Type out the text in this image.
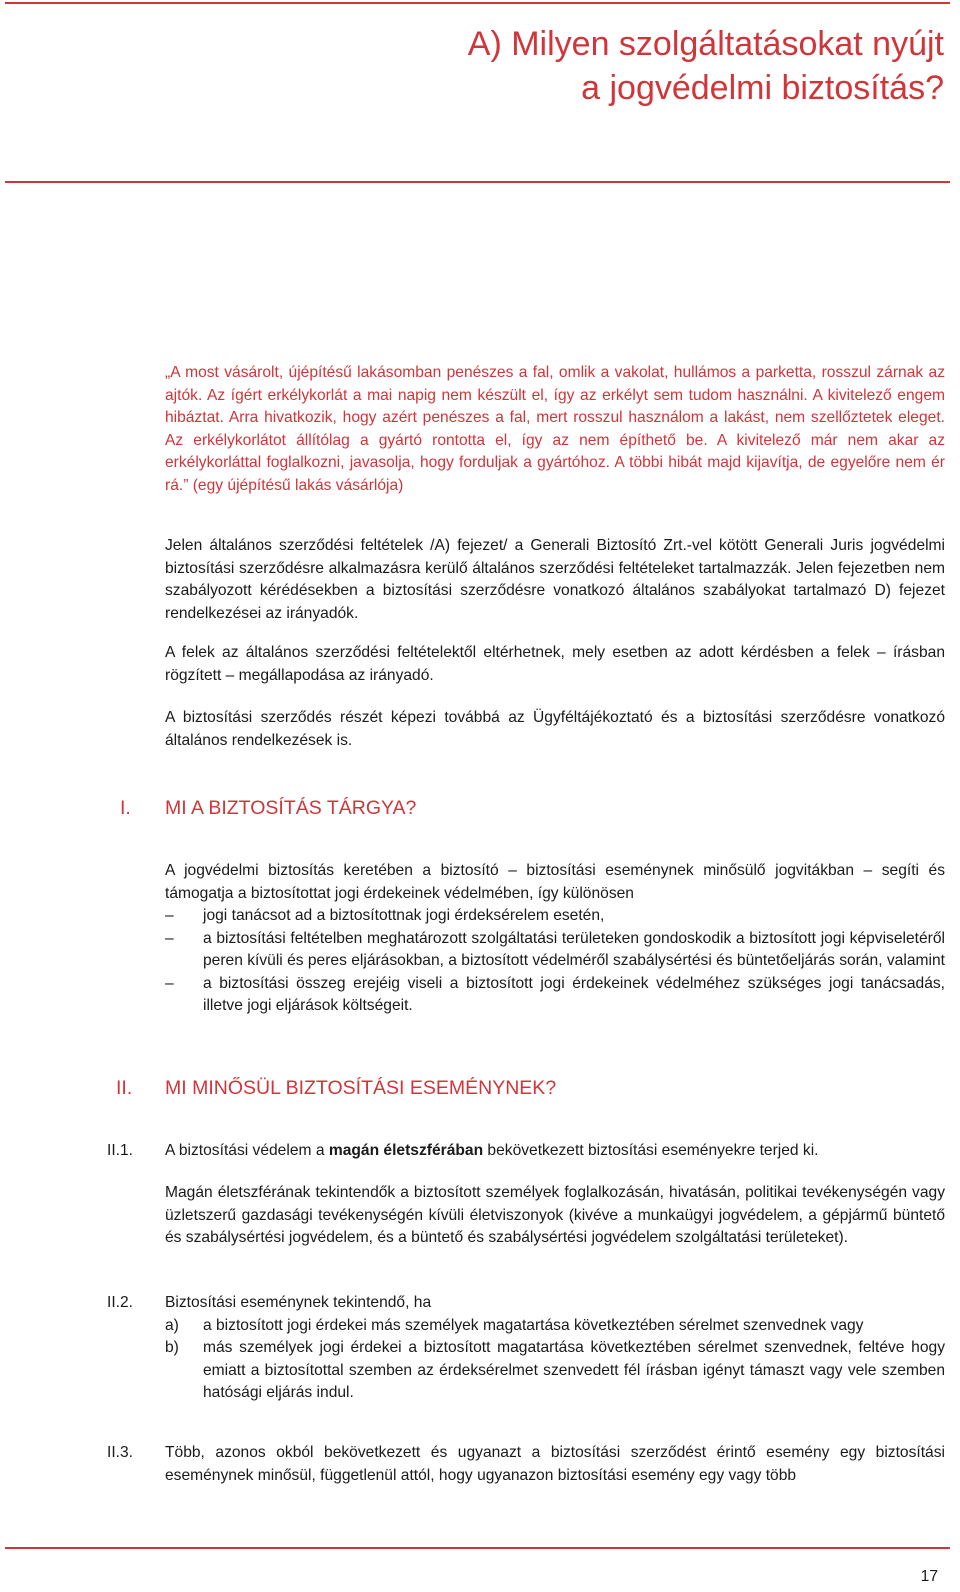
A) Milyen szolgáltatásokat nyújt
a jogvédelmi biztosítás?
„A most vásárolt, újépítésű lakásomban penészes a fal, omlik a vakolat, hullámos a parketta, rosszul zárnak az ajtók. Az ígért erkélykorlát a mai napig nem készült el, így az erkélyt sem tudom használni. A kivitelező engem hibáztat. Arra hivatkozik, hogy azért penészes a fal, mert rosszul használom a lakást, nem szellőztetek eleget. Az erkélykorlátot állítólag a gyártó rontotta el, így az nem építhető be. A kivitelező már nem akar az erkélykorláttal foglalkozni, javasolja, hogy forduljak a gyártóhoz. A többi hibát majd kijavítja, de egyelőre nem ér rá.” (egy újépítésű lakás vásárlója)
Jelen általános szerződési feltételek /A) fejezet/ a Generali Biztosító Zrt.-vel kötött Generali Juris jogvédelmi biztosítási szerződésre alkalmazásra kerülő általános szerződési feltételeket tartalmazzák. Jelen fejezetben nem szabályozott kérédésekben a biztosítási szerződésre vonatkozó általános szabályokat tartalmazó D) fejezet rendelkezései az irányadók.
A felek az általános szerződési feltételektől eltérhetnek, mely esetben az adott kérdésben a felek – írásban rögzített – megállapodása az irányadó.
A biztosítási szerződés részét képezi továbbá az Ügyféltájékoztató és a biztosítási szerződésre vonatkozó általános rendelkezések is.
I. MI A BIZTOSÍTÁS TÁRGYA?
A jogvédelmi biztosítás keretében a biztosító – biztosítási eseménynek minősülő jogvitákban – segíti és támogatja a biztosítottat jogi érdekeinek védelmében, így különösen
– jogi tanácsot ad a biztosítottnak jogi érdeksérelem esetén,
– a biztosítási feltételben meghatározott szolgáltatási területeken gondoskodik a biztosított jogi képviseletéről peren kívüli és peres eljárásokban, a biztosított védelméről szabálysértési és büntetőeljárás során, valamint
– a biztosítási összeg erejéig viseli a biztosított jogi érdekeinek védelméhez szükséges jogi tanácsadás, illetve jogi eljárások költségeit.
II. MI MINŐSÜL BIZTOSÍTÁSI ESEMÉNYNEK?
II.1. A biztosítási védelem a magán életszférában bekövetkezett biztosítási eseményekre terjed ki.
Magán életszférának tekintendők a biztosított személyek foglalkozásán, hivatásán, politikai tevékenységén vagy üzletszerű gazdasági tevékenységén kívüli életviszonyok (kivéve a munkaügyi jogvédelem, a gépjármű büntető és szabálysértési jogvédelem, és a büntető és szabálysértési jogvédelem szolgáltatási területeket).
II.2. Biztosítási eseménynek tekintendő, ha
a) a biztosított jogi érdekei más személyek magatartása következtében sérelmet szenvednek vagy
b) más személyek jogi érdekei a biztosított magatartása következtében sérelmet szenvednek, feltéve hogy emiatt a biztosítottal szemben az érdeksérelmet szenvedett fél írásban igényt támaszt vagy vele szemben hatósági eljárás indul.
II.3. Több, azonos okból bekövetkezett és ugyanazt a biztosítási szerződést érintő esemény egy biztosítási eseménynek minősül, függetlenül attól, hogy ugyanazon biztosítási esemény egy vagy több
17
